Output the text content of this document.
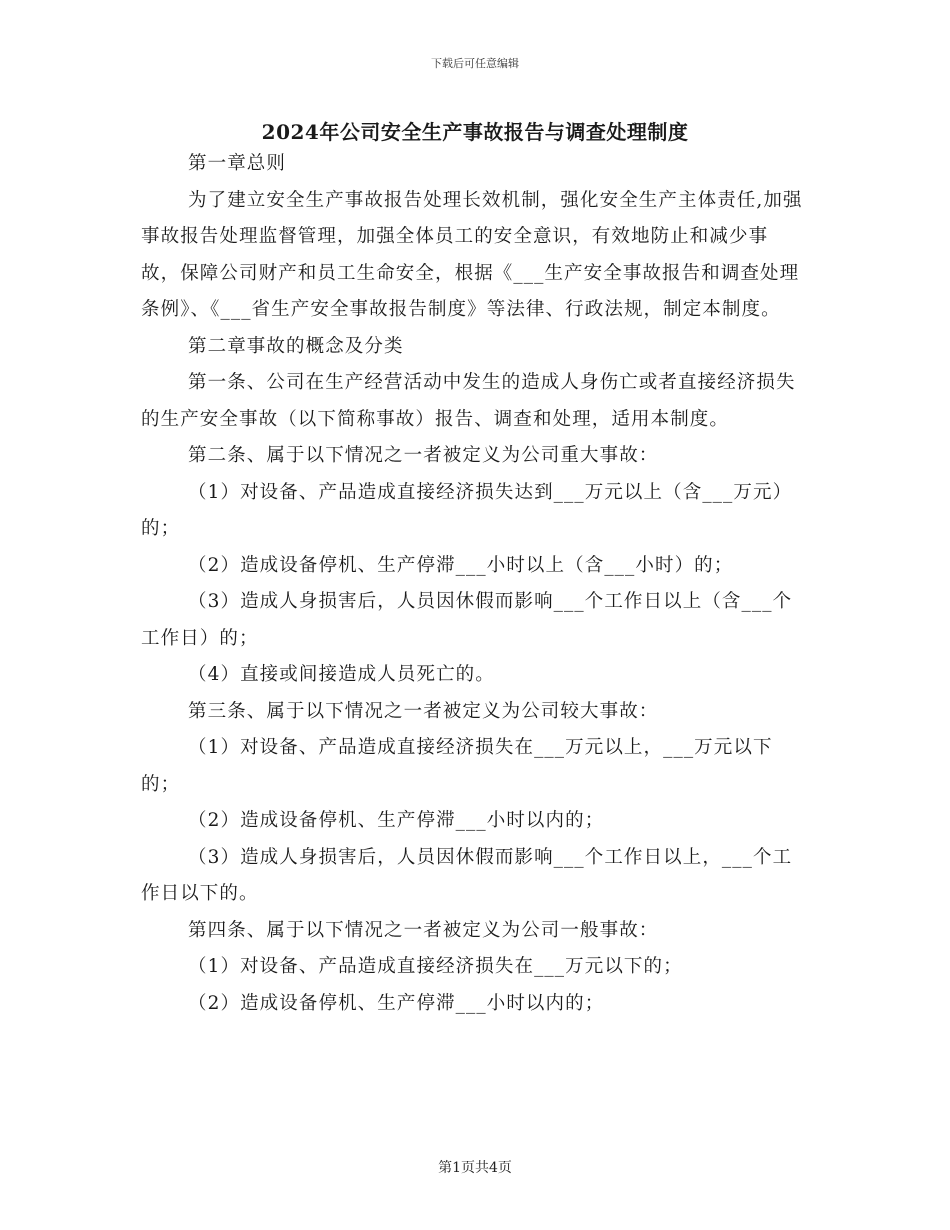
下载后可任意编辑
2024年公司安全生产事故报告与调查处理制度

第一章总则

为了建立安全生产事故报告处理长效机制，强化安全生产主体责任,加强事故报告处理监督管理，加强全体员工的安全意识，有效地防止和减少事故，保障公司财产和员工生命安全，根据《___生产安全事故报告和调查处理条例》、《___省生产安全事故报告制度》等法律、行政法规，制定本制度。

第二章事故的概念及分类

第一条、公司在生产经营活动中发生的造成人身伤亡或者直接经济损失的生产安全事故（以下简称事故）报告、调查和处理，适用本制度。

第二条、属于以下情况之一者被定义为公司重大事故：

（1）对设备、产品造成直接经济损失达到___万元以上（含___万元）的；

（2）造成设备停机、生产停滞___小时以上（含___小时）的；

（3）造成人身损害后，人员因休假而影响___个工作日以上（含___个工作日）的；

（4）直接或间接造成人员死亡的。

第三条、属于以下情况之一者被定义为公司较大事故：

（1）对设备、产品造成直接经济损失在___万元以上，___万元以下的；

（2）造成设备停机、生产停滞___小时以内的；

（3）造成人身损害后，人员因休假而影响___个工作日以上，___个工作日以下的。

第四条、属于以下情况之一者被定义为公司一般事故：

（1）对设备、产品造成直接经济损失在___万元以下的；

（2）造成设备停机、生产停滞___小时以内的；

第1页共4页
